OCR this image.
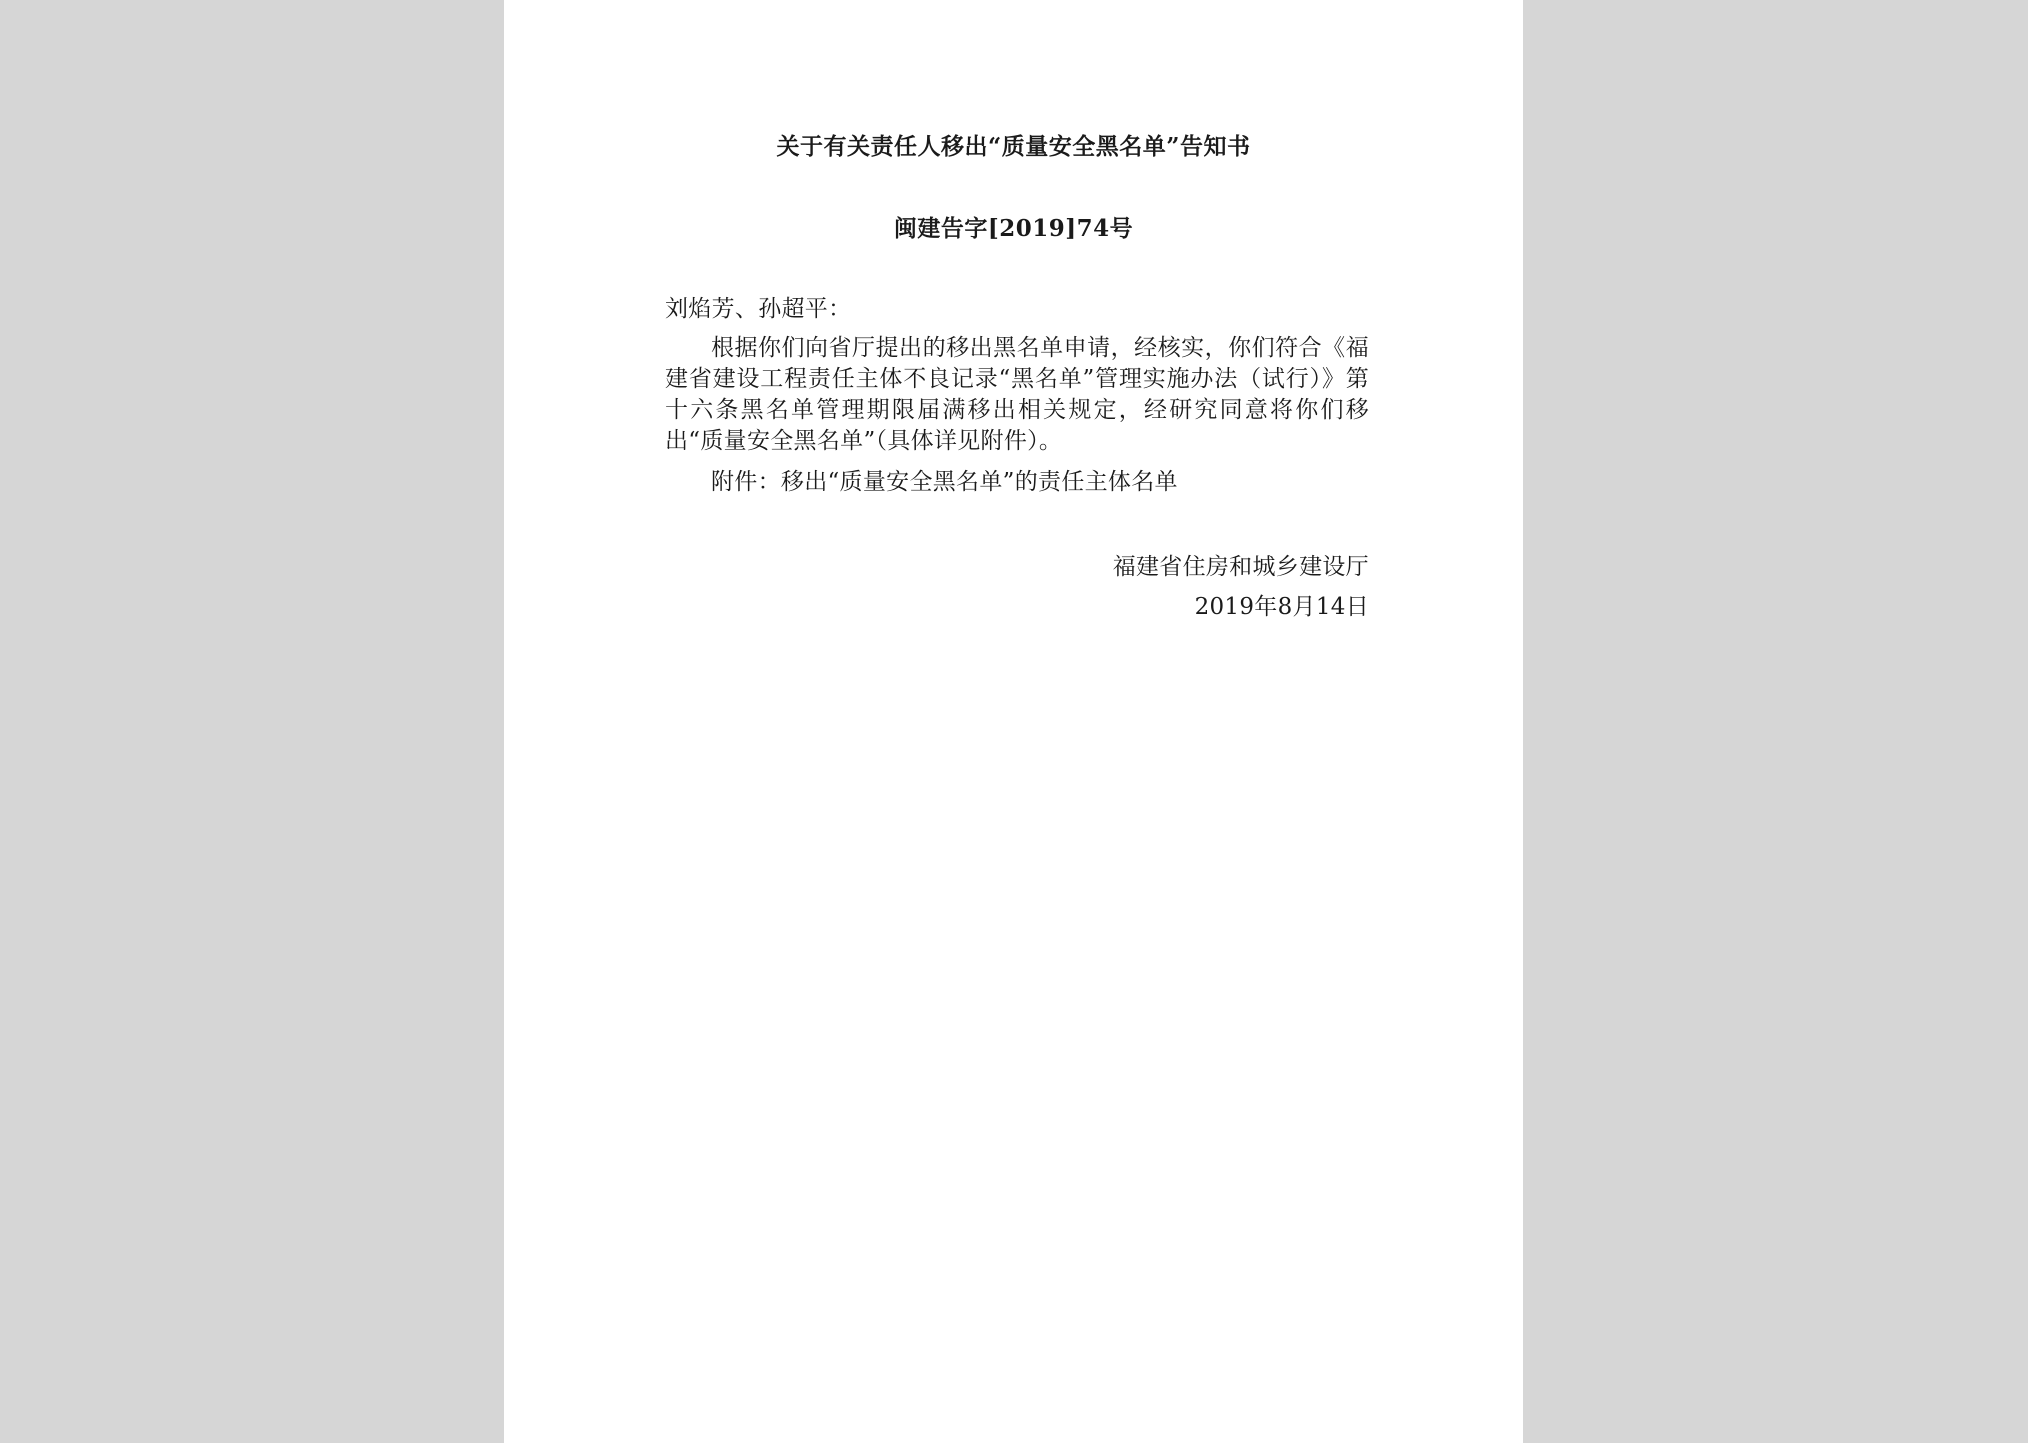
关于有关责任人移出“质量安全黑名单”告知书
闽建告字[2019]74号

刘焰芳、孙超平：

根据你们向省厅提出的移出黑名单申请，经核实，你们符合《福建省建设工程责任主体不良记录“黑名单”管理实施办法（试行）》第十六条黑名单管理期限届满移出相关规定，经研究同意将你们移出“质量安全黑名单”（具体详见附件）。

附件：移出“质量安全黑名单”的责任主体名单

福建省住房和城乡建设厅
2019年8月14日
